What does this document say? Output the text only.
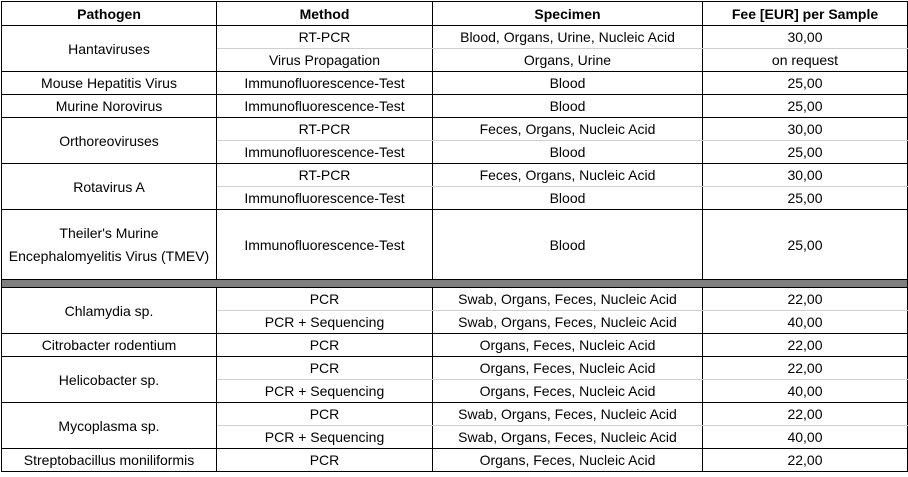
Pathogen	Method	Specimen	Fee [EUR] per Sample
Hantaviruses	RT-PCR	Blood, Organs, Urine, Nucleic Acid	30,00
	Virus Propagation	Organs, Urine	on request
Mouse Hepatitis Virus	Immunofluorescence-Test	Blood	25,00
Murine Norovirus	Immunofluorescence-Test	Blood	25,00
Orthoreoviruses	RT-PCR	Feces, Organs, Nucleic Acid	30,00
	Immunofluorescence-Test	Blood	25,00
Rotavirus A	RT-PCR	Feces, Organs, Nucleic Acid	30,00
	Immunofluorescence-Test	Blood	25,00
Theiler's Murine Encephalomyelitis Virus (TMEV)	Immunofluorescence-Test	Blood	25,00

Chlamydia sp.	PCR	Swab, Organs, Feces, Nucleic Acid	22,00
	PCR + Sequencing	Swab, Organs, Feces, Nucleic Acid	40,00
Citrobacter rodentium	PCR	Organs, Feces, Nucleic Acid	22,00
Helicobacter sp.	PCR	Organs, Feces, Nucleic Acid	22,00
	PCR + Sequencing	Organs, Feces, Nucleic Acid	40,00
Mycoplasma sp.	PCR	Swab, Organs, Feces, Nucleic Acid	22,00
	PCR + Sequencing	Swab, Organs, Feces, Nucleic Acid	40,00
Streptobacillus moniliformis	PCR	Organs, Feces, Nucleic Acid	22,00
